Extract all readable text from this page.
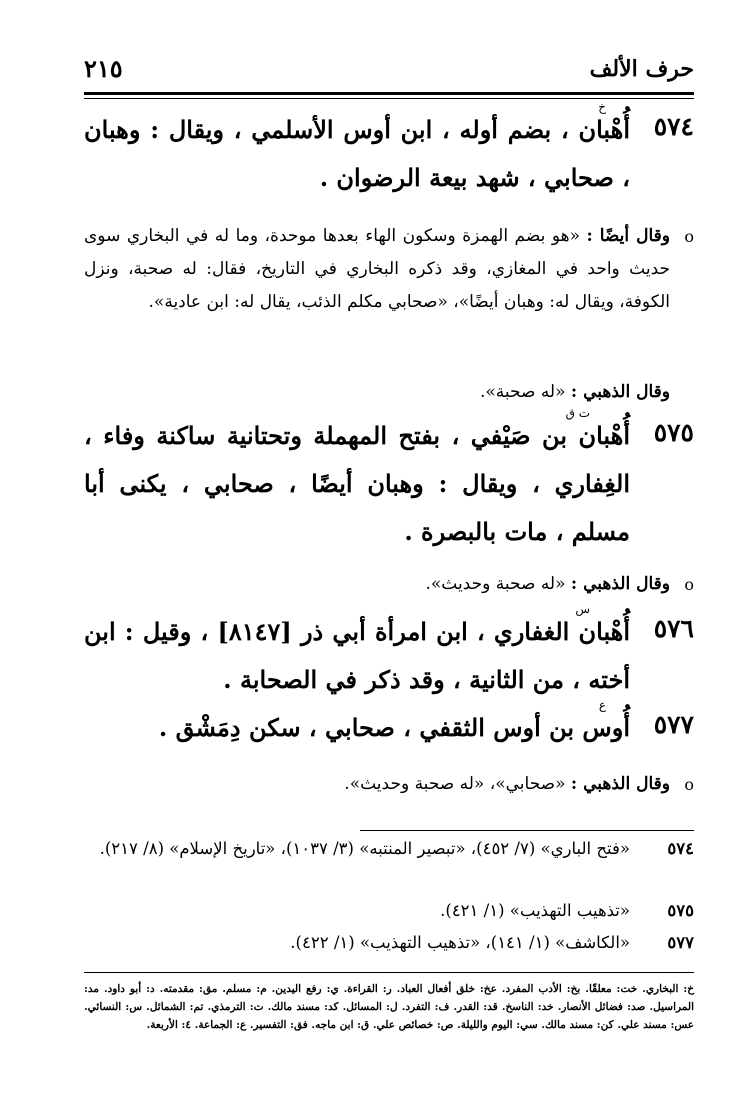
حرف الألف
٢١٥
٥٧٤
خ
أُهْبان ، بضم أوله ، ابن أوس الأسلمي ، ويقال : وهبان ، صحابي ، شهد بيعة الرضوان .
o
وقال أيضًا : «هو بضم الهمزة وسكون الهاء بعدها موحدة، وما له في البخاري سوى حديث واحد في المغازي، وقد ذكره البخاري في التاريخ، فقال: له صحبة، ونزل الكوفة، ويقال له: وهبان أيضًا»، «صحابي مكلم الذئب، يقال له: ابن عادية».
وقال الذهبي : «له صحبة».
٥٧٥
ت ق
أُهْبان بن صَيْفي ، بفتح المهملة وتحتانية ساكنة وفاء ، الغِفاري ، ويقال : وهبان أيضًا ، صحابي ، يكنى أبا مسلم ، مات بالبصرة .
o
وقال الذهبي : «له صحبة وحديث».
٥٧٦
س
أُهْبان الغفاري ، ابن امرأة أبي ذر [٨١٤٧] ، وقيل : ابن أخته ، من الثانية ، وقد ذكر في الصحابة .
٥٧٧
ع
أُوس بن أوس الثقفي ، صحابي ، سكن دِمَشْق .
o
وقال الذهبي : «صحابي»، «له صحبة وحديث».
٥٧٤
«فتح الباري» (٧/ ٤٥٢)، «تبصير المنتبه» (٣/ ١٠٣٧)، «تاريخ الإسلام» (٨/ ٢١٧).
٥٧٥
«تذهيب التهذيب» (١/ ٤٢١).
٥٧٧
«الكاشف» (١/ ١٤١)، «تذهيب التهذيب» (١/ ٤٢٢).
خ: البخاري. خت: معلقًا. بخ: الأدب المفرد. عخ: خلق أفعال العباد. ر: القراءة. ي: رفع اليدين. م: مسلم. مق: مقدمته. د: أبو داود. مد: المراسيل. صد: فضائل الأنصار. خد: الناسخ. قد: القدر. ف: التفرد. ل: المسائل. كد: مسند مالك. ت: الترمذي. تم: الشمائل. س: النسائي. عس: مسند علي. كن: مسند مالك. سي: اليوم والليلة. ص: خصائص علي. ق: ابن ماجه. فق: التفسير. ع: الجماعة. ٤: الأربعة.
